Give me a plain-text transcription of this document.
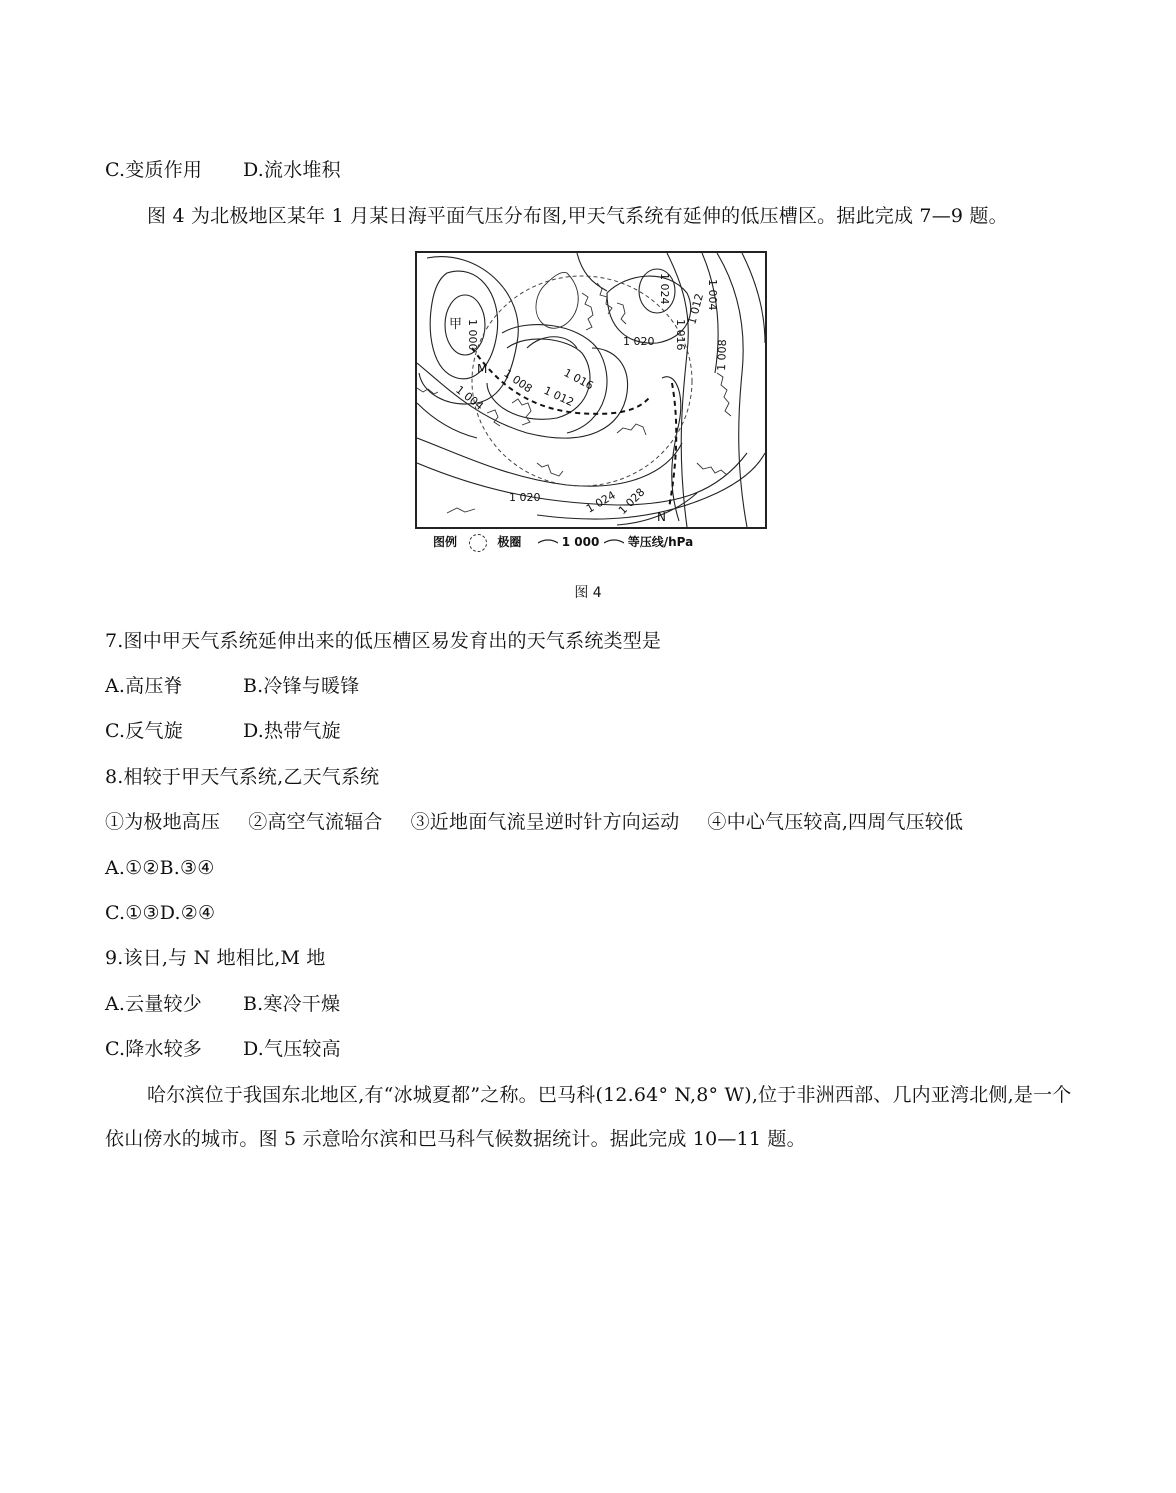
C.变质作用 D.流水堆积
图 4 为北极地区某年 1 月某日海平面气压分布图,甲天气系统有延伸的低压槽区。据此完成 7—9 题。
甲
M
N
1 000
1 004
1 004
1 008
1 008
1 012
1 012
1 016
1 016
1 020
1 020
1 024
1 024
1 028
图例	极圈	1 000 等压线/hPa
图 4
7.图中甲天气系统延伸出来的低压槽区易发育出的天气系统类型是
A.高压脊	B.冷锋与暖锋
C.反气旋	D.热带气旋
8.相较于甲天气系统,乙天气系统
①为极地高压 ②高空气流辐合 ③近地面气流呈逆时针方向运动 ④中心气压较高,四周气压较低
A.①②B.③④
C.①③D.②④
9.该日,与 N 地相比,M 地
A.云量较少 B.寒冷干燥
C.降水较多 D.气压较高
哈尔滨位于我国东北地区,有“冰城夏都”之称。巴马科(12.64° N,8° W),位于非洲西部、几内亚湾北侧,是一个依山傍水的城市。图 5 示意哈尔滨和巴马科气候数据统计。据此完成 10—11 题。
